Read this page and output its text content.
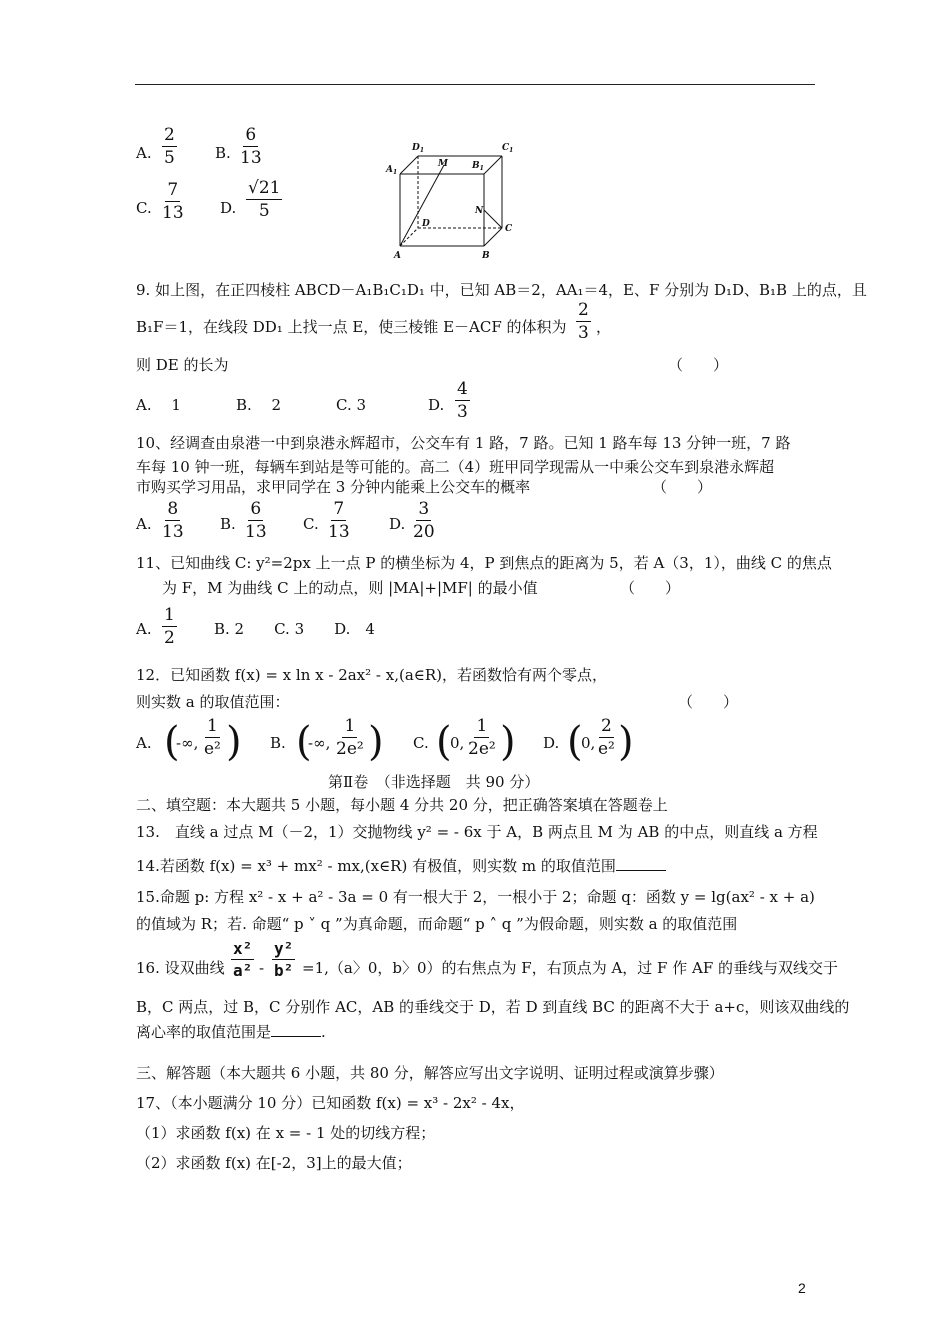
A. $\frac{2}{5}$	B. $\frac{6}{13}$
C. $\frac{7}{13} D$. $\frac{√21}{5}$
$D_1$	$C_1$
$A_1$
M	$B_1$
N
D	C
A	B
9. 如上图，在正四棱柱 ABCD－A₁B₁C₁D₁ 中，已知 AB＝2，AA₁＝4，E、F 分别为 D₁D、B₁B 上的点，且
B₁F＝1，在线段 DD₁ 上找一点 E，使三棱锥 E－ACF 的体积为 $\frac{2}{3}$ ，
则 DE 的长为	（　　）
A.　 1	B.　 2	C. 3	D. $\frac{4}{3}$
10、经调查由泉港一中到泉港永辉超市，公交车有 1 路，7 路。已知 1 路车每 13 分钟一班，7 路
车每 10 钟一班，每辆车到站是等可能的。高二（4）班甲同学现需从一中乘公交车到泉港永辉超
市购买学习用品，求甲同学在 3 分钟内能乘上公交车的概率	（　　）
A. $\frac{8}{13} B$. $\frac{6}{13} C$. $\frac{7}{13}$	D. $\frac{3}{20}$
11、已知曲线 C: y²=2px 上一点 P 的横坐标为 4，P 到焦点的距离为 5，若 A（3，1），曲线 C 的焦点
为 F，M 为曲线 C 上的动点，则 |MA|+|MF| 的最小值	（　　）
A. $\frac{1}{2} B$. 2　　C. 3　　D.　4
12．已知函数 f(x) = x ln x - 2ax² - x,(a∈R)，若函数恰有两个零点，
则实数 a 的取值范围：	（　　）
A. (
-∞, $\frac{1}{\text{e²}}$ ) B. (
-∞, $\frac{1}{\text{2e²}}$ ) C. (
0, $\frac{1}{\text{2e²}}$ ) D. (
0, $\frac{2}{\text{e²}}$ )
第Ⅱ卷　（非选择题　共 90 分）
二、填空题：本大题共 5 小题，每小题 4 分共 20 分，把正确答案填在答题卷上
13.　直线 a 过点 M（－2，1）交抛物线 y² = - 6x 于 A，B 两点且 M 为 AB 的中点，则直线 a 方程
14.若函数 f(x) = x³ + mx² - mx,(x∈R) 有极值，则实数 m 的取值范围
15.命题 p: 方程 x² - x + a² - 3a = 0 有一根大于 2，一根小于 2；命题 q：函数 y = lg(ax² - x + a)
的值域为 R；若. 命题“ p ˅ q ”为真命题，而命题“ p ˄ q ”为假命题，则实数 a 的取值范围
16. 设双曲线 $\frac{\text{x²}}{\text{a²}} - \frac{\text{y²}}{\text{b²}} =1,(a$〉0，b〉0）的右焦点为 F，右顶点为 A，过 F 作 AF 的垂线与双线交于
B，C 两点，过 B，C 分别作 AC，AB 的垂线交于 D，若 D 到直线 BC 的距离不大于 a+c，则该双曲线的
离心率的取值范围是	.
三、解答题（本大题共 6 小题，共 80 分，解答应写出文字说明、证明过程或演算步骤）
17、（本小题满分 10 分）已知函数 f(x) = x³ - 2x² - 4x，
（1）求函数 f(x) 在 x = - 1 处的切线方程；
（2）求函数 f(x) 在[-2，3]上的最大值；
2
